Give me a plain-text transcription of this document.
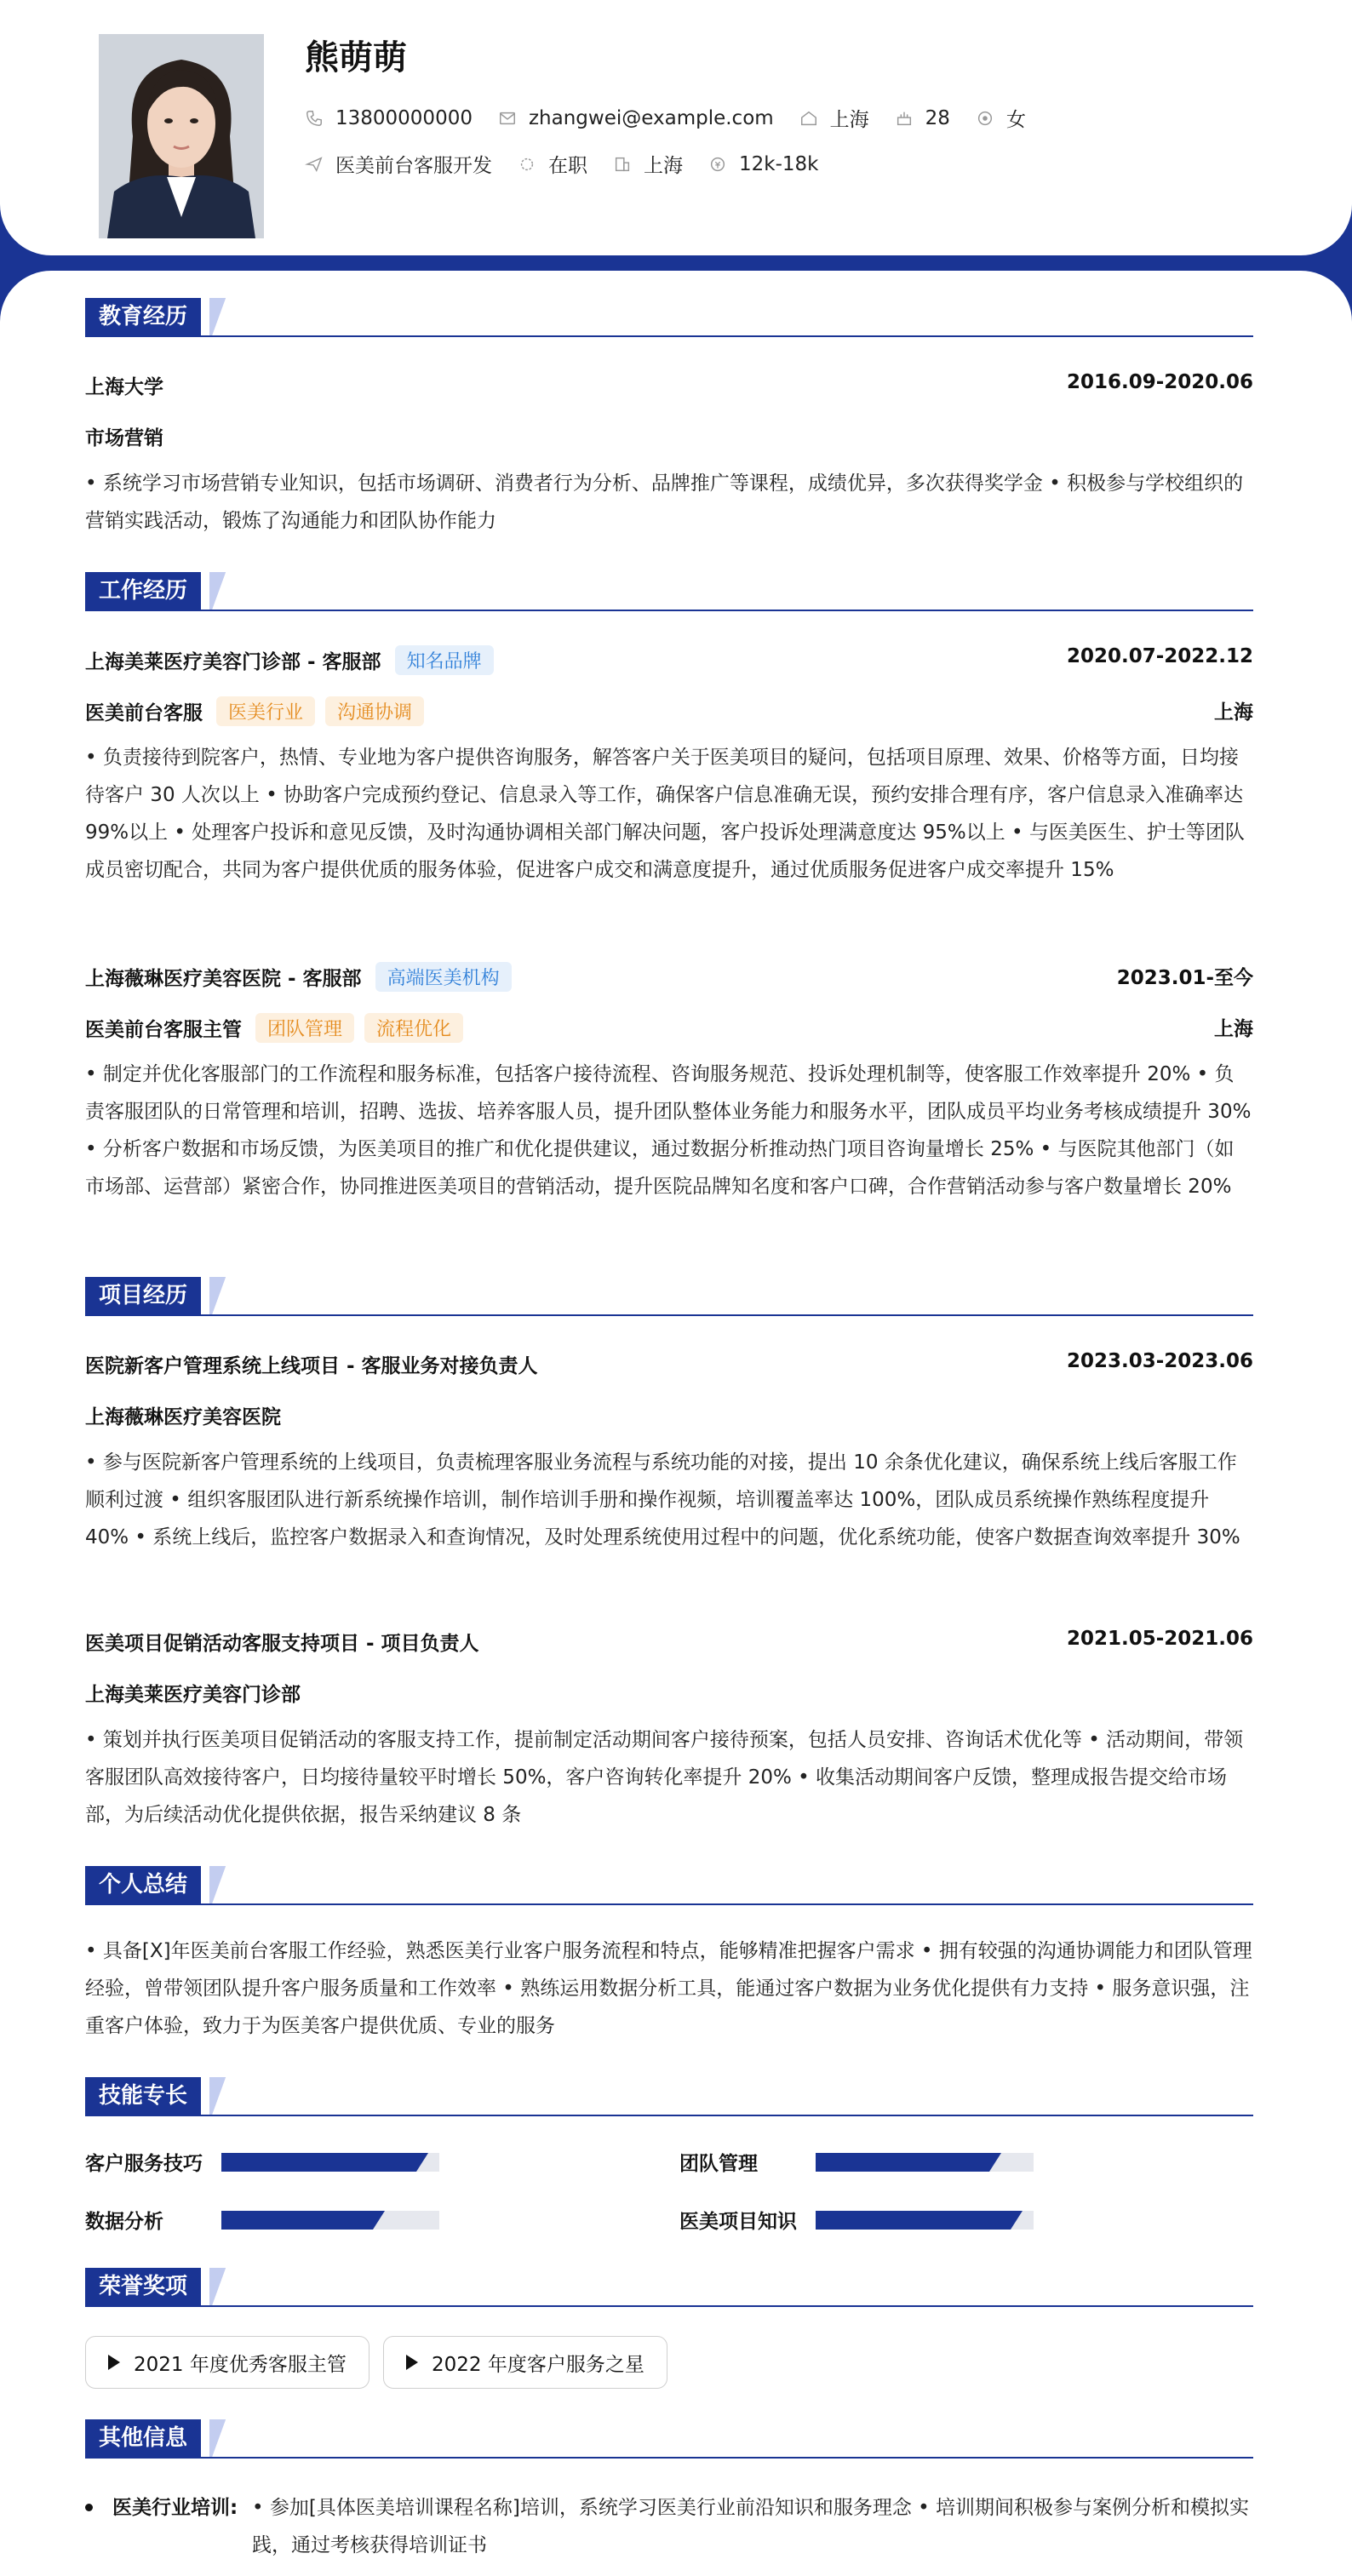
熊萌萌
13800000000	zhangwei@example.com	上海	28	女
医美前台客服开发	在职	上海	12k-18k
教育经历
上海大学	2016.09-2020.06
市场营销
• 系统学习市场营销专业知识，包括市场调研、消费者行为分析、品牌推广等课程，成绩优异，多次获得奖学金 • 积极参与学校组织的营销实践活动，锻炼了沟通能力和团队协作能力
工作经历
上海美莱医疗美容门诊部 - 客服部	知名品牌	2020.07-2022.12
医美前台客服	医美行业	沟通协调	上海
• 负责接待到院客户，热情、专业地为客户提供咨询服务，解答客户关于医美项目的疑问，包括项目原理、效果、价格等方面，日均接待客户 30 人次以上 • 协助客户完成预约登记、信息录入等工作，确保客户信息准确无误，预约安排合理有序，客户信息录入准确率达 99%以上 • 处理客户投诉和意见反馈，及时沟通协调相关部门解决问题，客户投诉处理满意度达 95%以上 • 与医美医生、护士等团队成员密切配合，共同为客户提供优质的服务体验，促进客户成交和满意度提升，通过优质服务促进客户成交率提升 15%
上海薇琳医疗美容医院 - 客服部	高端医美机构	2023.01-至今
医美前台客服主管	团队管理	流程优化	上海
• 制定并优化客服部门的工作流程和服务标准，包括客户接待流程、咨询服务规范、投诉处理机制等，使客服工作效率提升 20% • 负责客服团队的日常管理和培训，招聘、选拔、培养客服人员，提升团队整体业务能力和服务水平，团队成员平均业务考核成绩提升 30% • 分析客户数据和市场反馈，为医美项目的推广和优化提供建议，通过数据分析推动热门项目咨询量增长 25% • 与医院其他部门（如市场部、运营部）紧密合作，协同推进医美项目的营销活动，提升医院品牌知名度和客户口碑，合作营销活动参与客户数量增长 20%
项目经历
医院新客户管理系统上线项目 - 客服业务对接负责人	2023.03-2023.06
上海薇琳医疗美容医院
• 参与医院新客户管理系统的上线项目，负责梳理客服业务流程与系统功能的对接，提出 10 余条优化建议，确保系统上线后客服工作顺利过渡 • 组织客服团队进行新系统操作培训，制作培训手册和操作视频，培训覆盖率达 100%，团队成员系统操作熟练程度提升 40% • 系统上线后，监控客户数据录入和查询情况，及时处理系统使用过程中的问题，优化系统功能，使客户数据查询效率提升 30%
医美项目促销活动客服支持项目 - 项目负责人	2021.05-2021.06
上海美莱医疗美容门诊部
• 策划并执行医美项目促销活动的客服支持工作，提前制定活动期间客户接待预案，包括人员安排、咨询话术优化等 • 活动期间，带领客服团队高效接待客户，日均接待量较平时增长 50%，客户咨询转化率提升 20% • 收集活动期间客户反馈，整理成报告提交给市场部，为后续活动优化提供依据，报告采纳建议 8 条
个人总结
• 具备[X]年医美前台客服工作经验，熟悉医美行业客户服务流程和特点，能够精准把握客户需求 • 拥有较强的沟通协调能力和团队管理经验，曾带领团队提升客户服务质量和工作效率 • 熟练运用数据分析工具，能通过客户数据为业务优化提供有力支持 • 服务意识强，注重客户体验，致力于为医美客户提供优质、专业的服务
技能专长
客户服务技巧	团队管理
数据分析	医美项目知识
荣誉奖项
2021 年度优秀客服主管	2022 年度客户服务之星
其他信息
医美行业培训: • 参加[具体医美培训课程名称]培训，系统学习医美行业前沿知识和服务理念 • 培训期间积极参与案例分析和模拟实践，通过考核获得培训证书
